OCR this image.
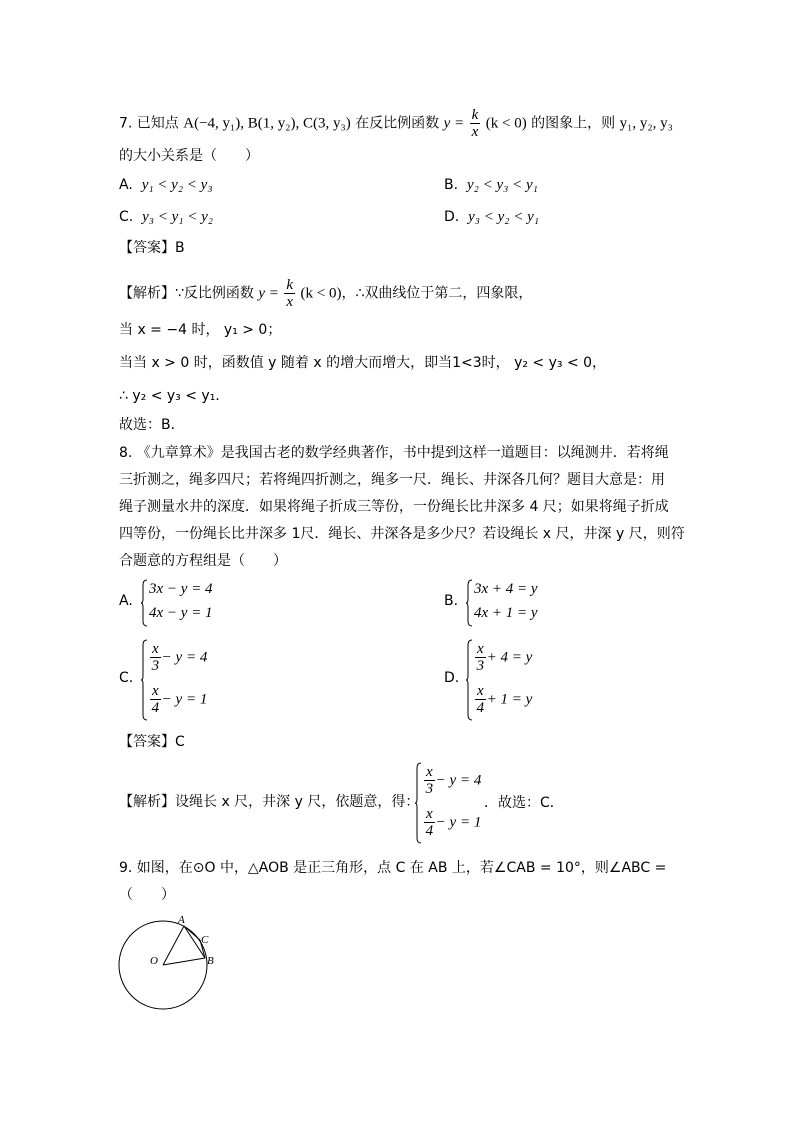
7. 已知点 A(−4, y₁), B(1, y₂), C(3, y₃) 在反比例函数 $y = \frac{k}{x} (k < 0)$ 的图象上，则 y₁, y₂, y₃
的大小关系是（　　）
A. y₁ < y₂ < y₃	B. y₂ < y₃ < y₁
C. y₃ < y₁ < y₂	D. y₃ < y₂ < y₁
【答案】B
【解析】∵反比例函数 $y = \frac{k}{x} (k < 0)$，∴双曲线位于第二，四象限，
当 x = −4 时， y₁ > 0；
当当 x > 0 时，函数值 y 随着 x 的增大而增大，即当1<3时， y₂ < y₃ < 0，
∴ y₂ < y₃ < y₁.
故选：B．
8. 《九章算术》是我国古老的数学经典著作，书中提到这样一道题目：以绳测井．若将绳
三折测之，绳多四尺；若将绳四折测之，绳多一尺．绳长、井深各几何？题目大意是：用
绳子测量水井的深度．如果将绳子折成三等份，一份绳长比井深多 4 尺；如果将绳子折成
四等份，一份绳长比井深多 1尺．绳长、井深各是多少尺？若设绳长 x 尺，井深 y 尺，则符
合题意的方程组是（　　）
A.
3x − y = 4
4x − y = 1
B.
3x + 4 = y
4x + 1 = y
C.
$\frac{x}{3} - y = 4$
$\frac{x}{4} - y = 1$
D.
$\frac{x}{3} + 4 = y$
$\frac{x}{4} + 1 = y$
【答案】C
【解析】设绳长 x 尺，井深 y 尺，依题意，得：
$\frac{x}{3} - y = 4$
$\frac{x}{4} - y = 1$
．故选：C．
9. 如图，在⊙O 中，△AOB 是正三角形，点 C 在 AB 上，若∠CAB = 10°，则∠ABC =
（　　）
A
C
B
O
